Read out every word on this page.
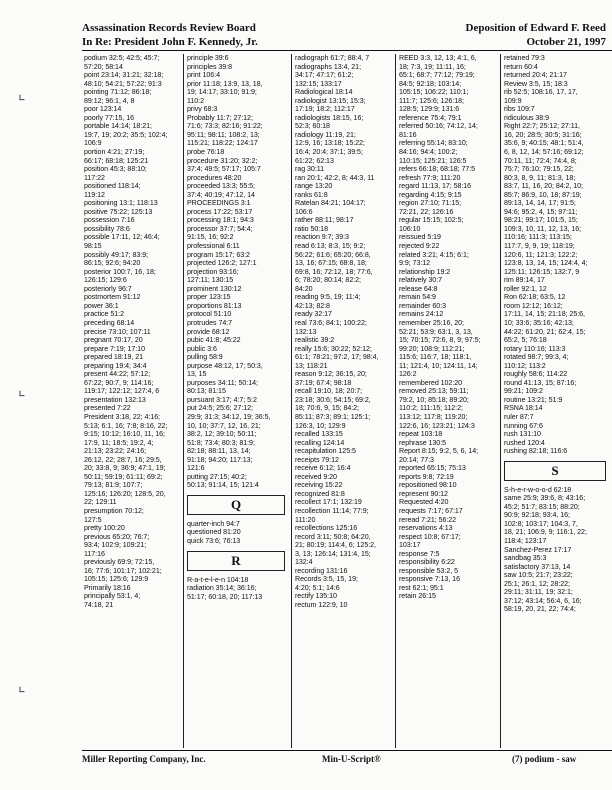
⌞
⌞
⌞
Assassination Records Review Board
In Re: President John F. Kennedy, Jr.
Deposition of Edward F. Reed
October 21, 1997
podium 32:5; 42:5; 45:7;
57:20; 58:14
point 23:14; 31:21; 32:18;
48:10; 54:21; 57:22; 91:3
pointing 71:12; 86:18;
89:12; 96:1, 4, 8
poor 123:14
poorly 77:15, 16
portable 14:14; 18:21;
19:7, 19; 20:2; 35:5; 102:4;
106:9
portion 4:21; 27:19;
66:17; 68:18; 125:21
position 45:3; 88:10;
117:22
positioned 118:14;
119:12
positioning 13:1; 118:13
positive 75:22; 125:13
possession 7:16
possibility 78:6
possible 17:11, 12; 46:4;
98:15
possibly 49:17; 83:9;
86:15; 92:6; 94:20
posterior 100:7, 16, 18;
126:15; 129:6
posteriorly 96:7
postmortem 91:12
power 36:1
practice 51:2
preceding 68:14
precise 73:10; 107:11
pregnant 70:17, 20
prepare 7:19; 17:10
prepared 18:19, 21
preparing 19:4; 34:4
present 44:22; 57:12;
67:22; 90:7, 9; 114:16;
119:17; 122:12; 127:4, 6
presentation 132:13
presented 7:22
President 3:18, 22; 4:16;
5:13; 6:1, 16; 7:8; 8:16, 22;
9:15; 10:12; 16:10, 11, 16;
17:9, 11; 18:5; 19:2, 4;
21:13; 23:22; 24:16;
26:12, 22; 28:7, 16; 29:5,
20; 33:8, 9; 36:9; 47:1, 19;
50:11; 59:19; 61:11; 69:2;
79:13; 81:9; 107:7;
125:16; 126:20; 128:5, 20,
22; 129:11
presumption 70:12;
127:5
pretty 100:20
previous 65:20; 76:7;
93:4; 102:9; 109:21;
117:16
previously 69:9; 72:15,
16; 77:6; 101:17; 102:21;
105:15; 125:6; 129:9
Primarily 18:16
principally 53:1, 4;
74:18, 21
principle 39:6
principles 39:8
print 106:4
prior 11:18; 13:9, 13, 18,
19; 14:17; 33:10; 91:9;
110:2
privy 68:3
Probably 11:7; 27:12;
71:6; 73:3; 82:16; 91:22;
95:11; 98:11; 108:2, 13;
115:21; 118:22; 124:17
probe 76:18
procedure 31:20; 32:2;
37:4; 49:5; 57:17; 105:7
procedures 48:20
proceeded 13:3; 55:5;
37:4; 40:19; 47:12, 14
PROCEEDINGS 3:1
process 17:22; 53:17
processing 18:1; 94:3
processor 37:7; 54:4;
91:15, 16; 92:2
professional 6:11
program 15:17; 63:2
projected 126:2; 127:1
projection 93:16;
127:11; 130:15
prominent 130:12
proper 123:15
proportions 81:13
protocol 51:10
protrudes 74:7
provide 68:12
pubic 41:8; 45:22
public 3:6
pulling 58:9
purpose 48:12, 17; 50:3,
13, 15
purposes 34:11; 50:14;
80:13; 81:15
pursuant 3:17; 4:7; 5:2
put 24:5; 25:6; 27:12;
29:9; 31:3; 34:12, 19; 36:5,
10, 10; 37:7, 12, 16, 21;
38:2, 12; 39:10; 50:11;
51:8; 73:4; 80:3; 81:9;
82:18; 88:11, 13, 14;
91:18; 94:20; 117:13;
121:6
putting 27:15; 40:2;
50:13; 91:14, 15; 121:4
Q
quarter-inch 94:7
questioned 81:20
quick 73:6; 76:13
R
R-a-t-e-l-e-n 104:18
radiation 35:14; 36:16;
51:17; 60:18, 20; 117:13
radiograph 61:7; 88:4, 7
radiographs 13:4, 21;
34:17; 47:17; 61:2;
132:15; 133:17
Radiological 18:14
radiologist 13:15; 15:3;
17:19; 18:2; 112:17
radiologists 18:15, 16;
52:3; 60:18
radiology 11:19, 21;
12:9, 16; 13:18; 15:22;
16:4; 20:4; 37:1; 39:5;
61:22; 62:13
rag 30:11
ran 20:1; 42:2, 8; 44:3, 11
range 13:20
ranks 61:8
Ratelan 84:21; 104:17;
106:6
rather 88:11; 98:17
ratio 50:18
reaction 9:7; 39:3
read 6:13; 8:3, 15; 9:2;
56:22; 61:6; 65:20; 66:8,
13, 16; 67:15; 68:8, 18;
69:8, 16; 72:12, 18; 77:6,
6; 78:20; 80:14; 82:2;
84:20
reading 9:5, 19; 11:4;
42:13; 82:8
ready 32:17
real 73:6; 84:1; 100:22;
132:13
realistic 39:2
really 15:6; 30:22; 52:12;
61:1; 78:21; 97:2, 17; 98:4,
13; 118:21
reason 9:12; 36:15, 20;
37:19; 67:4; 98:18
recall 19:10, 18; 20:7;
23:18; 30:6; 54:15; 69:2,
18; 70:6, 9, 15; 84:2;
85:11; 87:3; 89:1; 125:1;
126:3, 10; 129:9
recalled 133:15
recalling 124:14
recapitulation 125:5
receipts 79:12
receive 6:12; 16:4
received 9:20
receiving 15:22
recognized 81:8
recollect 17:1; 132:19
recollection 11:14; 77:9;
111:20
recollections 125:16
record 3:11; 50:8; 64:20,
21; 80:19; 114:4, 6; 125:2,
3, 13; 126:14; 131:4, 15;
132:4
recording 131:16
Records 3:5, 15, 19;
4:20; 5:1; 14:6
rectify 135:10
rectum 122:9, 10
REED 3:3, 12, 13; 4:1, 6,
18; 7:3, 19; 11:11, 16;
65:1; 68:7; 77:12; 79:19;
84:5; 92:18; 103:14;
105:15; 106:22; 110:1;
111:7; 125:6; 126:18;
128:5; 129:9; 131:6
reference 75:4; 79:1
referred 50:16; 74:12, 14;
81:16
referring 55:14; 83:10;
84:16; 94:4; 100:2;
110:15; 125:21; 126:5
refers 66:18; 68:18; 77:5
refresh 77:9; 111:20
regard 11:13, 17; 58:16
regarding 4:15; 9:15
region 27:10; 71:15;
72:21, 22; 126:16
regular 15:15; 102:5;
106:10
reissued 5:19
rejected 9:22
related 3:21; 4:15; 6:1;
9:9; 73:12
relationship 19:2
relatively 30:7
release 64:8
remain 54:9
remainder 60:3
remains 24:12
remember 25:16, 20;
52:21; 53:9; 63:1, 3, 13,
15; 70:15; 72:6, 8, 9; 97:5;
99:20; 108:9; 112:21;
115:6; 116:7, 18; 118:1,
11; 121:4, 10; 124:11, 14;
126:2
remembered 102:20
removed 25:13; 59:11;
79:2, 10; 85:18; 89:20;
110:2; 111:15; 112:2;
113:12; 117:8; 119:20;
122:6, 16; 123:21; 124:3
repeat 103:18
rephrase 130:5
Report 8:15; 9:2, 5, 6, 14;
20:14; 77:3
reported 65:15; 75:13
reports 9:8; 72:19
repositioned 98:10
represent 90:12
Requested 4:20
requests 7:17; 67:17
reread 7:21; 56:22
reservations 4:13
respect 10:8; 67:17;
103:17
response 7:5
responsibility 6:22
responsible 53:2, 5
responsive 7:13, 16
rest 62:1; 95:1
retain 26:15
retained 79:3
return 60:4
returned 20:4; 21:17
Review 3:5, 15; 18:3
rib 52:5; 108:16, 17, 17,
109:9
ribs 109:7
ridiculous 38:9
Right 22:7; 25:12; 27:11,
16, 20; 28:5; 30:5; 31:16;
35:6, 9; 40:15; 48:1; 51:4,
6, 8, 12, 14; 57:16; 69:12;
70:11, 11; 72:4; 74:4, 8;
75:7; 76:10; 79:15, 22;
80:3, 8, 9, 11; 81:3, 18;
83:7, 11, 16, 20; 84:2, 10;
85:7; 86:9, 10, 18; 87:19;
89:13, 14, 14, 17; 91:5;
94:6; 95:2, 4, 15; 97:11;
98:21; 99:17; 101:5, 15;
109:3, 10, 11, 12, 13, 16;
110:16; 111:3; 113:15;
117:7, 9, 9, 19; 118:19;
120:6, 11; 121:3; 122:2;
123:8, 13, 14, 15; 124:4, 4;
125:11; 126:15; 132:7, 9
rim 89:14, 17
roller 92:1, 12
Ron 62:18; 63:5, 12
room 12:12; 16:12;
17:11, 14, 15; 21:18; 25:6,
10; 33:6; 35:16; 42:13;
44:22; 61:20, 21; 62:4, 15;
65:2, 5; 76:18
rotary 110:16; 113:3
rotated 98:7; 99:3, 4;
110:12; 113:2
roughly 58:6; 114:22
round 41:13, 15; 87:16;
99:21; 109:2
routine 13:21; 51:9
RSNA 18:14
ruler 87:7
running 67:6
rush 131:10
rushed 120:4
rushing 82:18; 116:6
S
S-h-e-r-w-o-o-d 62:18
same 25:9; 39:6, 8; 43:16;
45:2; 51:7; 83:15; 88:20;
90:9; 92:18; 93:4, 16;
102:8; 103:17; 104:3, 7,
18, 21; 106:9, 9; 116:1, 22;
118:4; 123:17
Sanchez-Perez 17:17
sandbag 35:3
satisfactory 37:13, 14
saw 10:5; 21:7; 23:22;
25:1; 26:1, 12; 28:22;
29:11; 31:11, 19; 32:1;
37:12; 43:14; 56:4, 6, 16;
58:19, 20, 21, 22; 74:4;
Miller Reporting Company, Inc.	Min-U-Script®	(7) podium - saw
